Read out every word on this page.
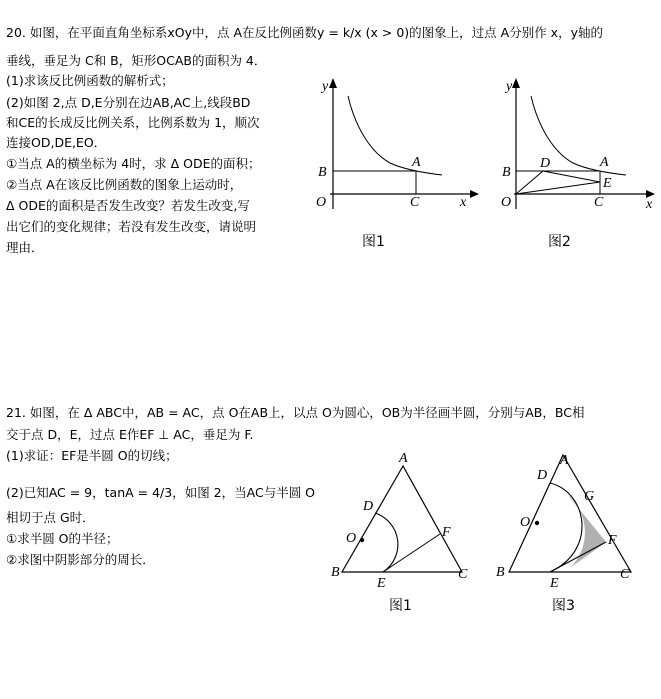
20. 如图，在平面直角坐标系xOy中，点 A在反比例函数y = k/x (x > 0)的图象上，过点 A分别作 x，y轴的
垂线，垂足为 C和 B，矩形OCAB的面积为 4．
(1)求该反比例函数的解析式；
(2)如图 2,点 D,E分别在边AB,AC上,线段BD
和CE的长成反比例关系，比例系数为 1，顺次
连接OD,DE,EO．
①当点 A的横坐标为 4时，求 Δ ODE的面积；
②当点 A在该反比例函数的图象上运动时，
Δ ODE的面积是否发生改变？若发生改变,写
出它们的变化规律；若没有发生改变，请说明
理由．
y
x
O
B
A
C
图1
y
x
O
B
D	A
E
C
图2
21. 如图，在 Δ ABC中，AB = AC，点 O在AB上，以点 O为圆心，OB为半径画半圆，分别与AB，BC相
交于点 D，E，过点 E作EF ⊥ AC，垂足为 F.
(1)求证：EF是半圆 O的切线；
(2)已知AC = 9，tanA = 4/3，如图 2，当AC与半圆 O
相切于点 G时．
①求半圆 O的半径；
②求图中阴影部分的周长．
A
D
O	F
B
E
C
图1
A
D
G
O
F
B
E
C
图3
